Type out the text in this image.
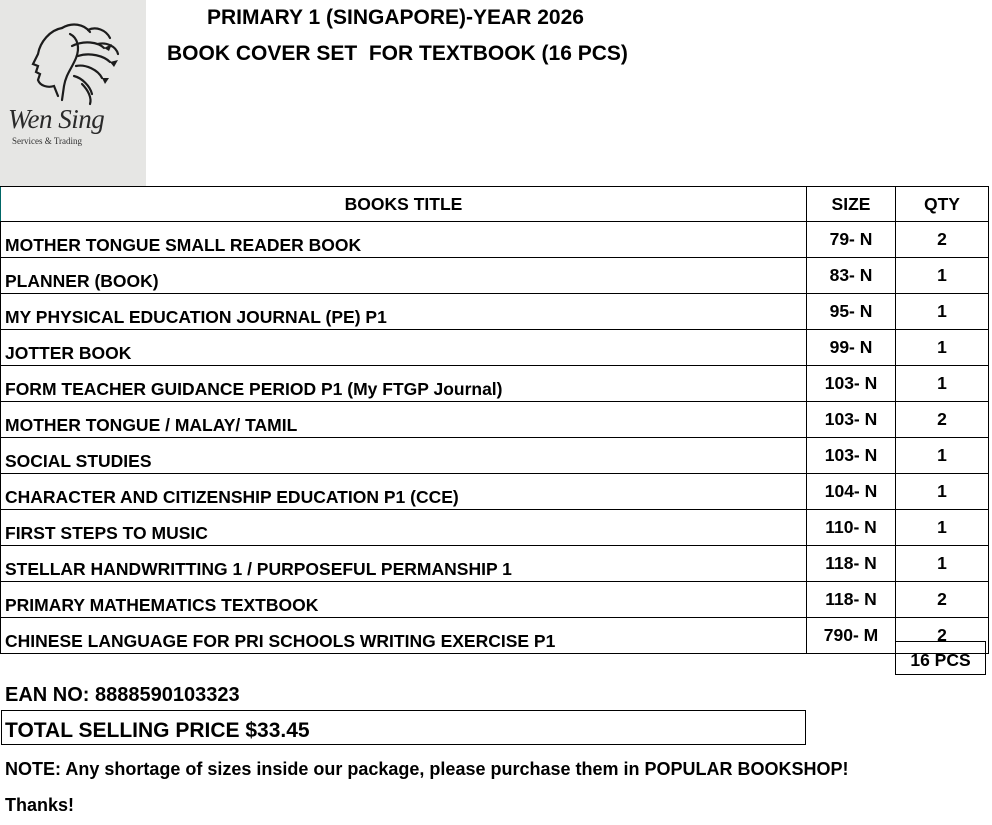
Wen Sing
Services & Trading
PRIMARY 1 (SINGAPORE)-YEAR 2026
BOOK COVER SET  FOR TEXTBOOK (16 PCS)
BOOKS TITLE	SIZE	QTY
MOTHER TONGUE SMALL READER BOOK	79- N	2
PLANNER (BOOK)	83- N	1
MY PHYSICAL EDUCATION JOURNAL (PE) P1	95- N	1
JOTTER BOOK	99- N	1
FORM TEACHER GUIDANCE PERIOD P1 (My FTGP Journal)	103- N	1
MOTHER TONGUE / MALAY/ TAMIL	103- N	2
SOCIAL STUDIES	103- N	1
CHARACTER AND CITIZENSHIP EDUCATION P1 (CCE)	104- N	1
FIRST STEPS TO MUSIC	110- N	1
STELLAR HANDWRITTING 1 / PURPOSEFUL PERMANSHIP 1	118- N	1
PRIMARY MATHEMATICS TEXTBOOK	118- N	2
CHINESE LANGUAGE FOR PRI SCHOOLS WRITING EXERCISE P1	790- M	2
16 PCS
EAN NO: 8888590103323
TOTAL SELLING PRICE $33.45
NOTE: Any shortage of sizes inside our package, please purchase them in POPULAR BOOKSHOP!
Thanks!
